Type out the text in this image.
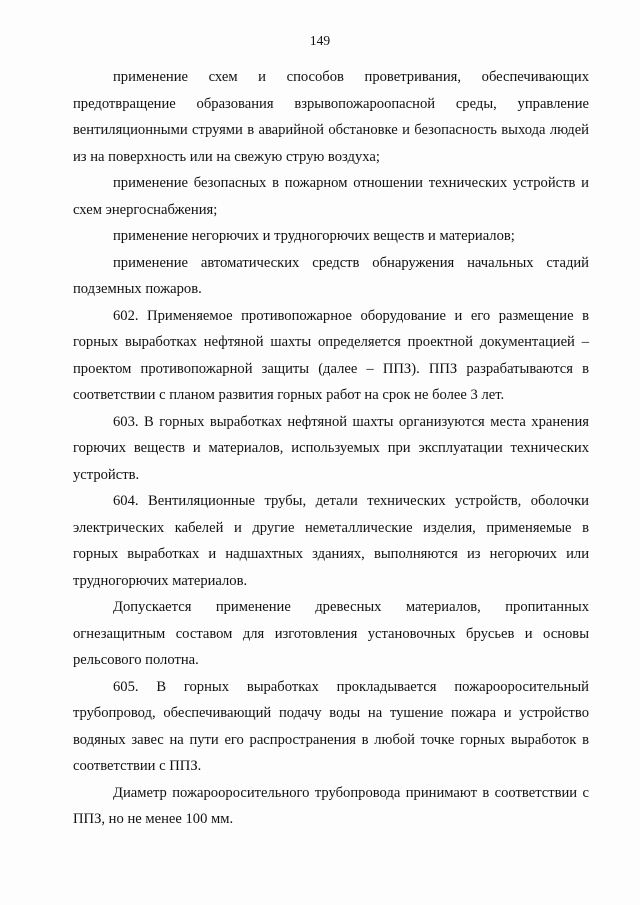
149

применение схем и способов проветривания, обеспечивающих предотвращение образования взрывопожароопасной среды, управление вентиляционными струями в аварийной обстановке и безопасность выхода людей из на поверхность или на свежую струю воздуха;

применение безопасных в пожарном отношении технических устройств и схем энергоснабжения;

применение негорючих и трудногорючих веществ и материалов;

применение автоматических средств обнаружения начальных стадий подземных пожаров.

602. Применяемое противопожарное оборудование и его размещение в горных выработках нефтяной шахты определяется проектной документацией – проектом противопожарной защиты (далее – ППЗ). ППЗ разрабатываются в соответствии с планом развития горных работ на срок не более 3 лет.

603. В горных выработках нефтяной шахты организуются места хранения горючих веществ и материалов, используемых при эксплуатации технических устройств.

604. Вентиляционные трубы, детали технических устройств, оболочки электрических кабелей и другие неметаллические изделия, применяемые в горных выработках и надшахтных зданиях, выполняются из негорючих или трудногорючих материалов.

Допускается применение древесных материалов, пропитанных огнезащитным составом для изготовления установочных брусьев и основы рельсового полотна.

605. В горных выработках прокладывается пожарооросительный трубопровод, обеспечивающий подачу воды на тушение пожара и устройство водяных завес на пути его распространения в любой точке горных выработок в соответствии с ППЗ.

Диаметр пожарооросительного трубопровода принимают в соответствии с ППЗ, но не менее 100 мм.
